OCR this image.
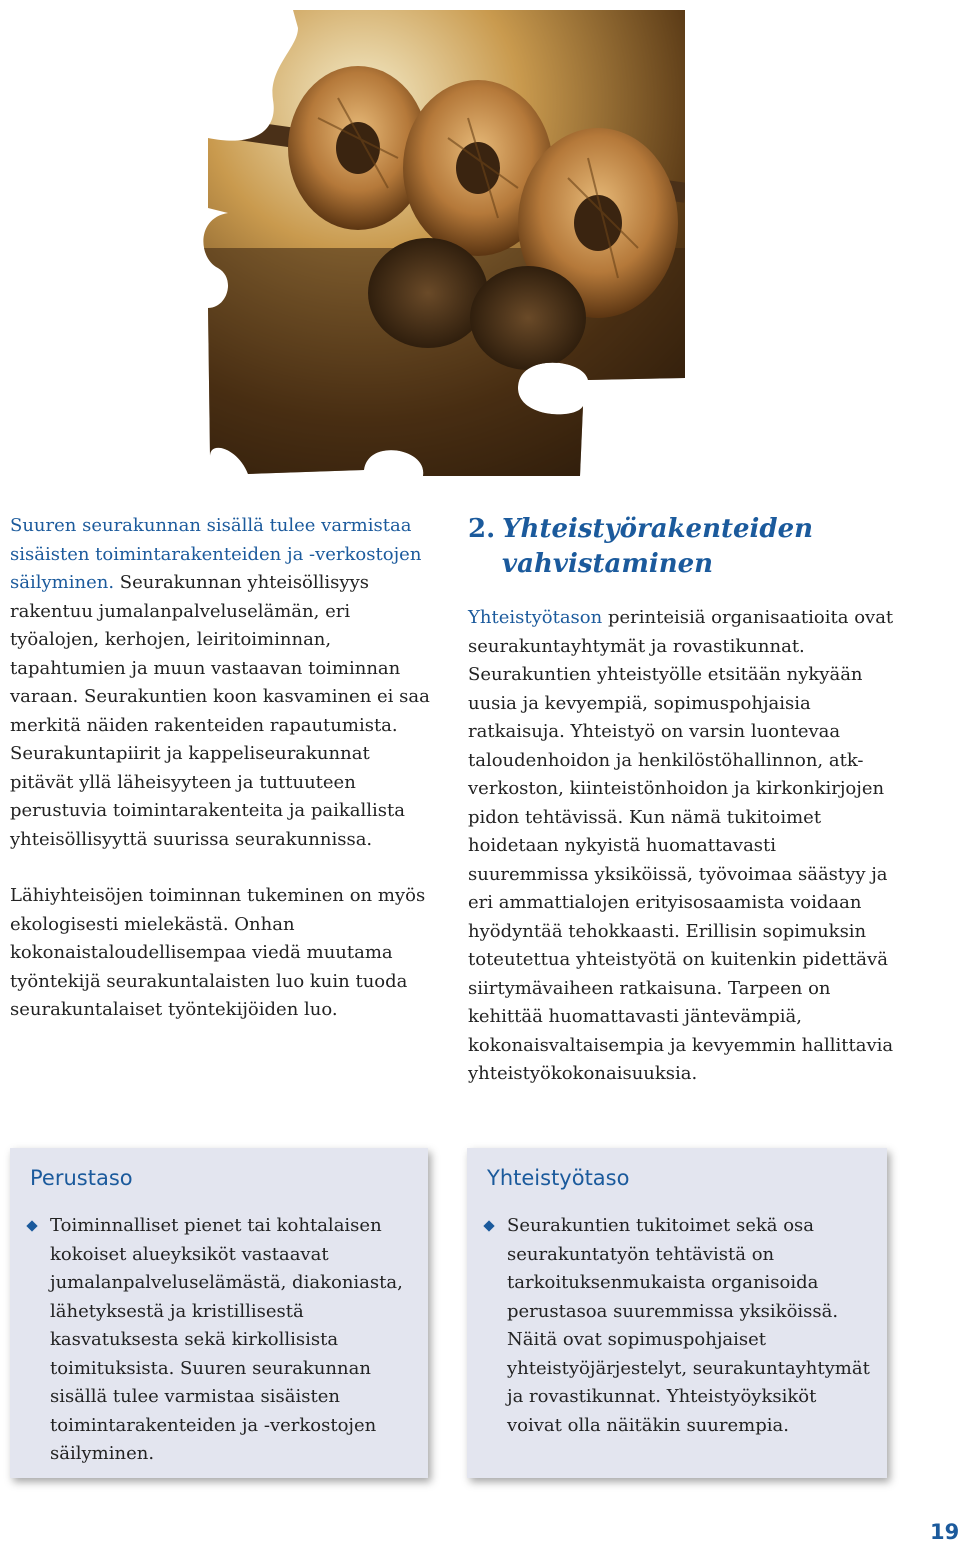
Suuren seurakunnan sisällä tulee varmistaa sisäisten toimintarakenteiden ja -verkostojen säilyminen. Seurakunnan yhteisöllisyys rakentuu jumalanpalveluselämän, eri työalojen, kerhojen, leiritoiminnan, tapahtumien ja muun vastaavan toiminnan varaan. Seurakuntien koon kasvaminen ei saa merkitä näiden rakenteiden rapautumista. Seurakuntapiirit ja kappeliseurakunnat pitävät yllä läheisyyteen ja tuttuuteen perustuvia toimintarakenteita ja paikallista yhteisöllisyyttä suurissa seurakunnissa.

Lähiyhteisöjen toiminnan tukeminen on myös ekologisesti mielekästä. Onhan kokonaistaloudellisempaa viedä muutama työntekijä seurakuntalaisten luo kuin tuoda seurakuntalaiset työntekijöiden luo.

2. Yhteistyörakenteiden
vahvistaminen

Yhteistyötason perinteisiä organisaatioita ovat seurakuntayhtymät ja rovastikunnat. Seurakuntien yhteistyölle etsitään nykyään uusia ja kevyempiä, sopimuspohjaisia ratkaisuja. Yhteistyö on varsin luontevaa taloudenhoidon ja henkilöstöhallinnon, atk-verkoston, kiinteistönhoidon ja kirkonkirjojen pidon tehtävissä. Kun nämä tukitoimet hoidetaan nykyistä huomattavasti suuremmissa yksiköissä, työvoimaa säästyy ja eri ammattialojen erityisosaamista voidaan hyödyntää tehokkaasti. Erillisin sopimuksin toteutettua yhteistyötä on kuitenkin pidettävä siirtymävaiheen ratkaisuna. Tarpeen on kehittää huomattavasti jäntevämpiä, kokonaisvaltaisempia ja kevyemmin hallittavia yhteistyökokonaisuuksia.

Perustaso
Toiminnalliset pienet tai kohtalaisen kokoiset alueyksiköt vastaavat jumalanpalveluselämästä, diakoniasta, lähetyksestä ja kristillisestä kasvatuksesta sekä kirkollisista toimituksista. Suuren seurakunnan sisällä tulee varmistaa sisäisten toimintarakenteiden ja -verkostojen säilyminen.
Yhteistyötaso
Seurakuntien tukitoimet sekä osa seurakuntatyön tehtävistä on tarkoituksenmukaista organisoida perustasoa suuremmissa yksiköissä. Näitä ovat sopimuspohjaiset yhteistyöjärjestelyt, seurakuntayhtymät ja rovastikunnat. Yhteistyöyksiköt voivat olla näitäkin suurempia.
19
